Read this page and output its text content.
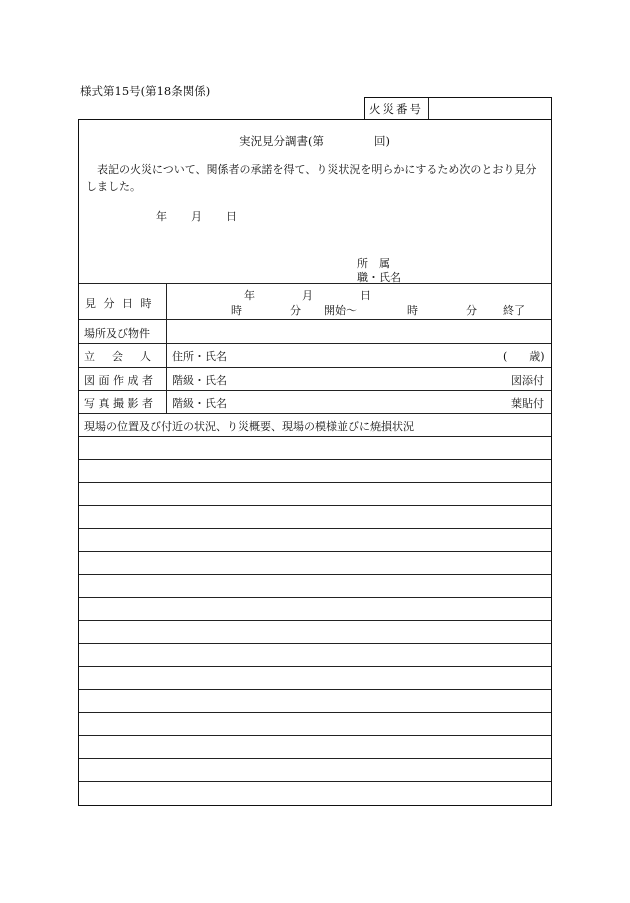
様式第15号(第18条関係)
火災番号
実況見分調書(第	回)
表記の火災について、関係者の承諾を得て、り災状況を明らかにするため次のとおり見分しました。
年 月 日
所　属
職・氏名
見 分 日 時
年	月	日
時	分 開始～	時	分 終了
場所及び物件
立　会　人 住所・氏名	(　　歳)
図 面 作 成 者 階級・氏名	図添付
写 真 撮 影 者 階級・氏名	葉貼付
現場の位置及び付近の状況、り災概要、現場の模様並びに焼損状況
